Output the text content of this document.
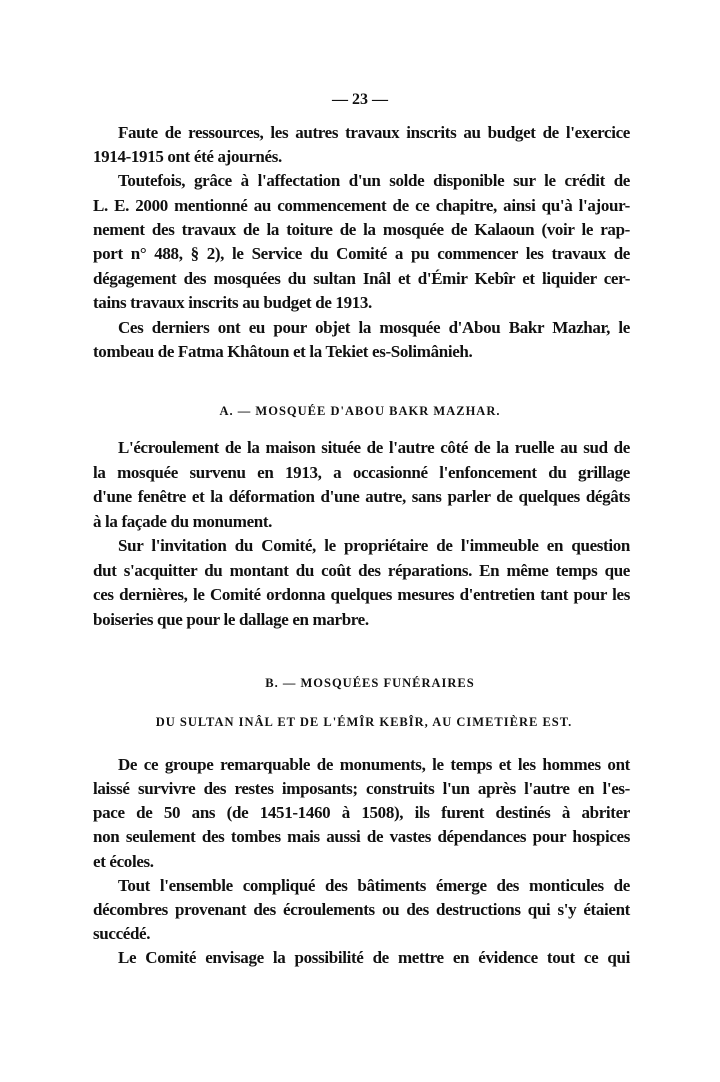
— 23 —
Faute de ressources, les autres travaux inscrits au budget de l'exercice
1914-1915 ont été ajournés.
Toutefois, grâce à l'affectation d'un solde disponible sur le crédit de
L. E. 2000 mentionné au commencement de ce chapitre, ainsi qu'à l'ajour-
nement des travaux de la toiture de la mosquée de Kalaoun (voir le rap-
port n° 488, § 2), le Service du Comité a pu commencer les travaux de
dégagement des mosquées du sultan Inâl et d'Émir Kebîr et liquider cer-
tains travaux inscrits au budget de 1913.
Ces derniers ont eu pour objet la mosquée d'Abou Bakr Mazhar, le
tombeau de Fatma Khâtoun et la Tekiet es-Solimânieh.
A. — MOSQUÉE D'ABOU BAKR MAZHAR.
L'écroulement de la maison située de l'autre côté de la ruelle au sud de
la mosquée survenu en 1913, a occasionné l'enfoncement du grillage
d'une fenêtre et la déformation d'une autre, sans parler de quelques dégâts
à la façade du monument.
Sur l'invitation du Comité, le propriétaire de l'immeuble en question
dut s'acquitter du montant du coût des réparations. En même temps que
ces dernières, le Comité ordonna quelques mesures d'entretien tant pour les
boiseries que pour le dallage en marbre.
B. — MOSQUÉES FUNÉRAIRES
DU SULTAN INÂL ET DE L'ÉMÎR KEBÎR, AU CIMETIÈRE EST.
De ce groupe remarquable de monuments, le temps et les hommes ont
laissé survivre des restes imposants; construits l'un après l'autre en l'es-
pace de 50 ans (de 1451-1460 à 1508), ils furent destinés à abriter
non seulement des tombes mais aussi de vastes dépendances pour hospices
et écoles.
Tout l'ensemble compliqué des bâtiments émerge des monticules de
décombres provenant des écroulements ou des destructions qui s'y étaient
succédé.
Le Comité envisage la possibilité de mettre en évidence tout ce qui
